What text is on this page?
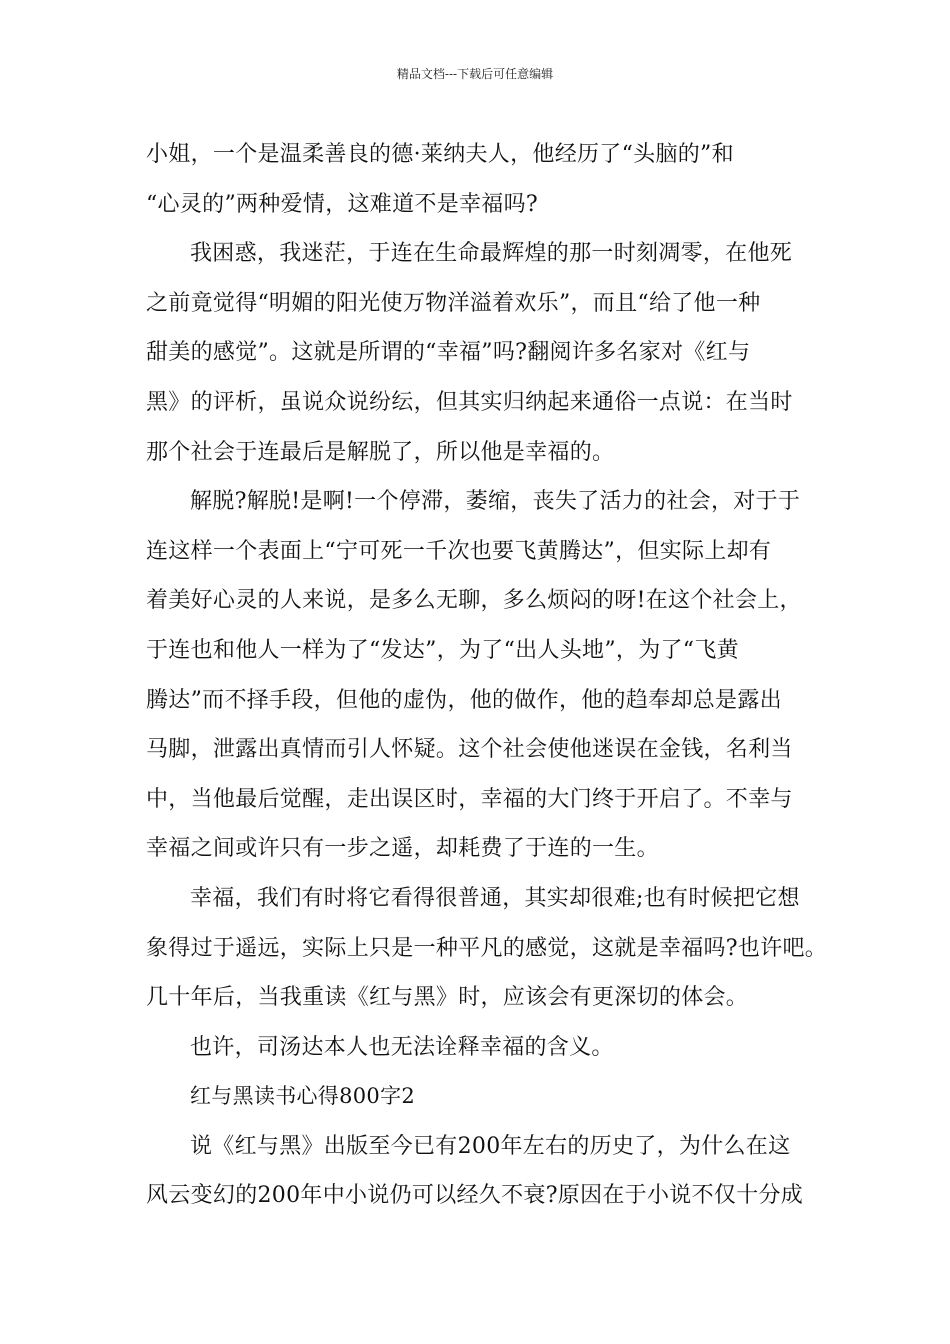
精品文档---下载后可任意编辑
小姐，一个是温柔善良的德·莱纳夫人，他经历了“头脑的”和
“心灵的”两种爱情，这难道不是幸福吗?
我困惑，我迷茫，于连在生命最辉煌的那一时刻凋零，在他死
之前竟觉得“明媚的阳光使万物洋溢着欢乐”，而且“给了他一种
甜美的感觉”。这就是所谓的“幸福”吗?翻阅许多名家对《红与
黑》的评析，虽说众说纷纭，但其实归纳起来通俗一点说：在当时
那个社会于连最后是解脱了，所以他是幸福的。
解脱?解脱!是啊!一个停滞，萎缩，丧失了活力的社会，对于于
连这样一个表面上“宁可死一千次也要飞黄腾达”，但实际上却有
着美好心灵的人来说，是多么无聊，多么烦闷的呀!在这个社会上，
于连也和他人一样为了“发达”，为了“出人头地”，为了“飞黄
腾达”而不择手段，但他的虚伪，他的做作，他的趋奉却总是露出
马脚，泄露出真情而引人怀疑。这个社会使他迷误在金钱，名利当
中，当他最后觉醒，走出误区时，幸福的大门终于开启了。不幸与
幸福之间或许只有一步之遥，却耗费了于连的一生。
幸福，我们有时将它看得很普通，其实却很难;也有时候把它想
象得过于遥远，实际上只是一种平凡的感觉，这就是幸福吗?也许吧。
几十年后，当我重读《红与黑》时，应该会有更深切的体会。
也许，司汤达本人也无法诠释幸福的含义。
红与黑读书心得800字2
说《红与黑》出版至今已有200年左右的历史了，为什么在这
风云变幻的200年中小说仍可以经久不衰?原因在于小说不仅十分成
